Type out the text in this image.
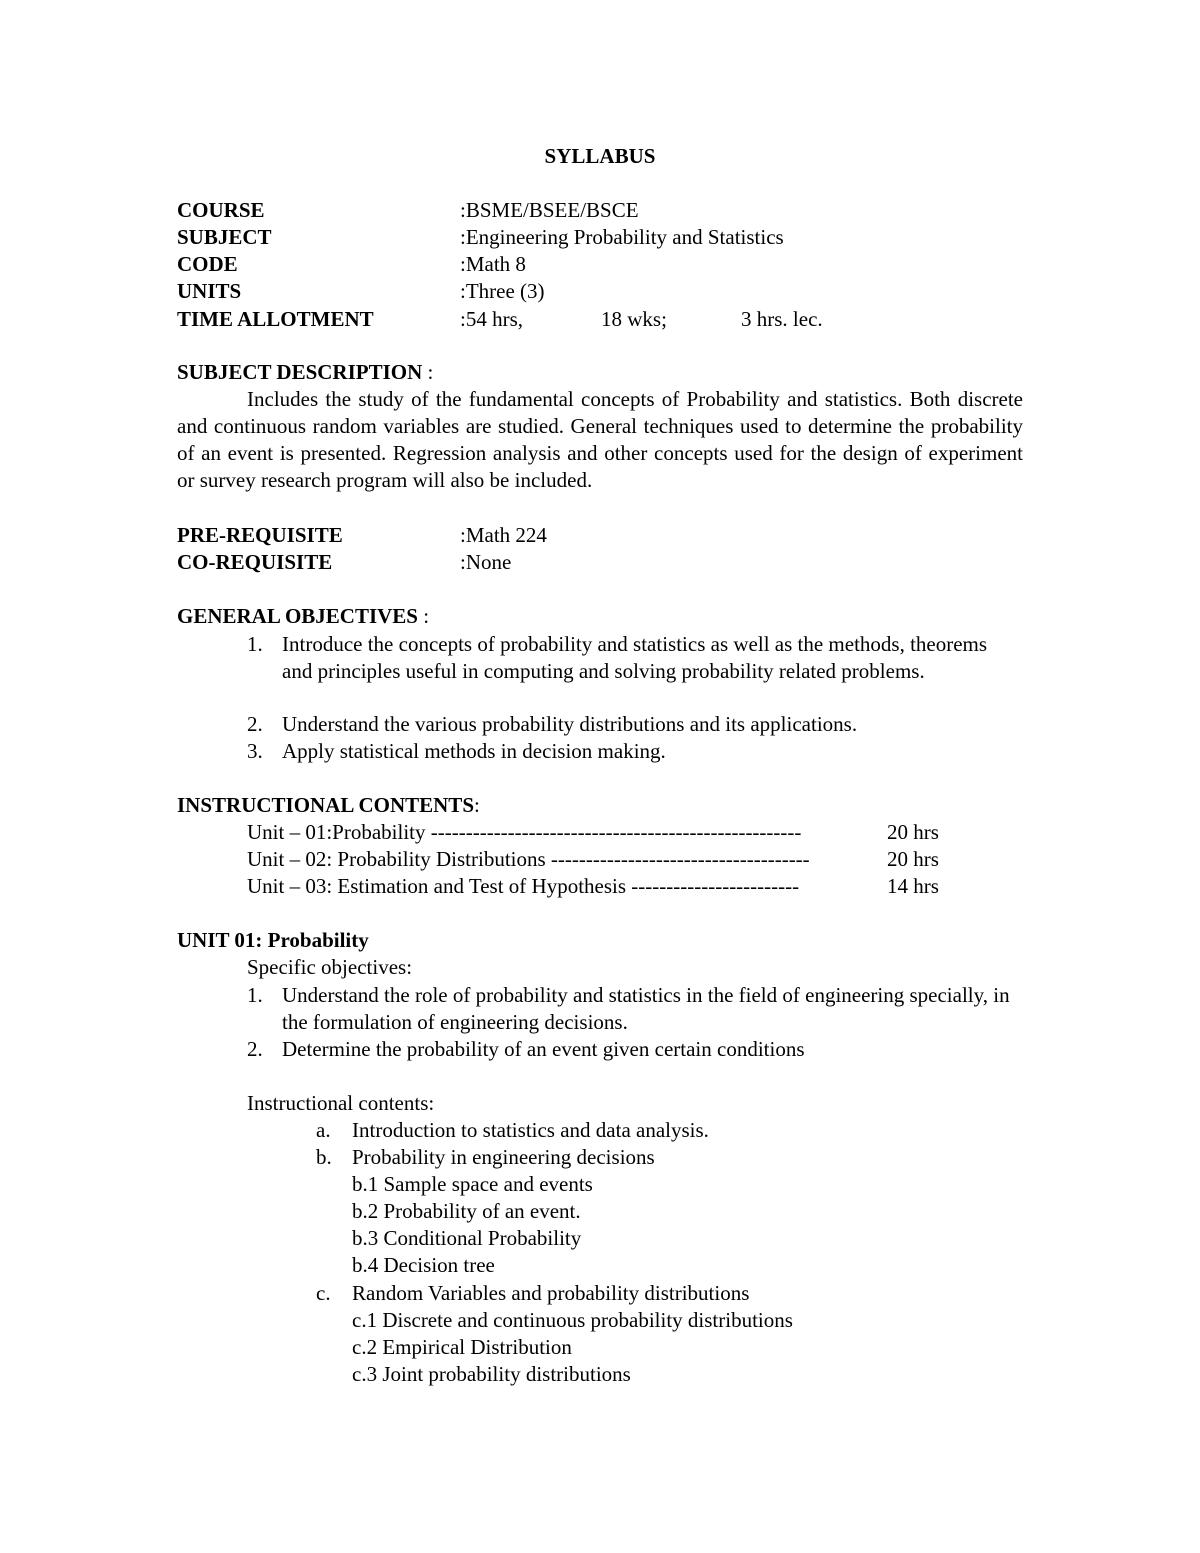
SYLLABUS
COURSE	:BSME/BSEE/BSCE
SUBJECT	:Engineering Probability and Statistics
CODE	:Math 8
UNITS	:Three (3)
TIME ALLOTMENT	:54 hrs,	18 wks;	3 hrs. lec.
SUBJECT DESCRIPTION :
Includes the study of the fundamental concepts of Probability and statistics. Both discrete and continuous random variables are studied. General techniques used to determine the probability of an event is presented. Regression analysis and other concepts used for the design of experiment or survey research program will also be included.
PRE-REQUISITE	:Math 224
CO-REQUISITE	:None
GENERAL OBJECTIVES :
1. Introduce the concepts of probability and statistics as well as the methods, theorems and principles useful in computing and solving probability related problems.
2. Understand the various probability distributions and its applications.
3. Apply statistical methods in decision making.
INSTRUCTIONAL CONTENTS:
Unit – 01:Probability -----------------------------------------------------	20 hrs
Unit – 02: Probability Distributions -------------------------------------	20 hrs
Unit – 03: Estimation and Test of Hypothesis ------------------------	14 hrs
UNIT 01: Probability
Specific objectives:
1. Understand the role of probability and statistics in the field of engineering specially, in the formulation of engineering decisions.
2. Determine the probability of an event given certain conditions
Instructional contents:
a. Introduction to statistics and data analysis.
b. Probability in engineering decisions
b.1 Sample space and events
b.2 Probability of an event.
b.3 Conditional Probability
b.4 Decision tree
c. Random Variables and probability distributions
c.1 Discrete and continuous probability distributions
c.2 Empirical Distribution
c.3 Joint probability distributions
